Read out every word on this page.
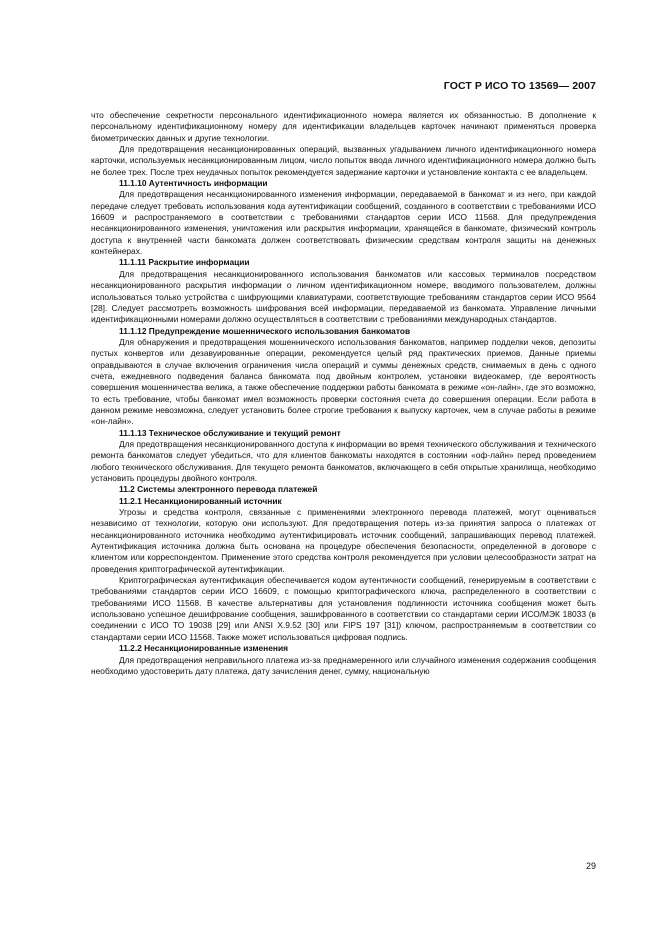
ГОСТ Р ИСО ТО 13569— 2007

что обеспечение секретности персонального идентификационного номера является их обязанностью. В дополнение к персональному идентификационному номеру для идентификации владельцев карточек начинают применяться проверка биометрических данных и другие технологии.

Для предотвращения несанкционированных операций, вызванных угадыванием личного идентификационного номера карточки, используемых несанкционированным лицом, число попыток ввода личного идентификационного номера должно быть не более трех. После трех неудачных попыток рекомендуется задержание карточки и установление контакта с ее владельцем.

11.1.10 Аутентичность информации

Для предотвращения несанкционированного изменения информации, передаваемой в банкомат и из него, при каждой передаче следует требовать использования кода аутентификации сообщений, созданного в соответствии с требованиями ИСО 16609 и распространяемого в соответствии с требованиями стандартов серии ИСО 11568. Для предупреждения несанкционированного изменения, уничтожения или раскрытия информации, хранящейся в банкомате, физический контроль доступа к внутренней части банкомата должен соответствовать физическим средствам контроля защиты на денежных контейнерах.

11.1.11 Раскрытие информации

Для предотвращения несанкционированного использования банкоматов или кассовых терминалов посредством несанкционированного раскрытия информации о личном идентификационном номере, вводимого пользователем, должны использоваться только устройства с шифрующими клавиатурами, соответствующие требованиям стандартов серии ИСО 9564 [28]. Следует рассмотреть возможность шифрования всей информации, передаваемой из банкомата. Управление личными идентификационными номерами должно осуществляться в соответствии с требованиями международных стандартов.

11.1.12 Предупреждение мошеннического использования банкоматов

Для обнаружения и предотвращения мошеннического использования банкоматов, например подделки чеков, депозиты пустых конвертов или дезавуированные операции, рекомендуется целый ряд практических приемов. Данные приемы оправдываются в случае включения ограничения числа операций и суммы денежных средств, снимаемых в день с одного счета, ежедневного подведения баланса банкомата под двойным контролем, установки видеокамер, где вероятность совершения мошенничества велика, а также обеспечение поддержки работы банкомата в режиме «он-лайн», где это возможно, то есть требование, чтобы банкомат имел возможность проверки состояния счета до совершения операции. Если работа в данном режиме невозможна, следует установить более строгие требования к выпуску карточек, чем в случае работы в режиме «он-лайн».

11.1.13 Техническое обслуживание и текущий ремонт

Для предотвращения несанкционированного доступа к информации во время технического обслуживания и технического ремонта банкоматов следует убедиться, что для клиентов банкоматы находятся в состоянии «оф-лайн» перед проведением любого технического обслуживания. Для текущего ремонта банкоматов, включающего в себя открытые хранилища, необходимо установить процедуры двойного контроля.

11.2 Системы электронного перевода платежей

11.2.1 Несанкционированный источник

Угрозы и средства контроля, связанные с применениями электронного перевода платежей, могут оцениваться независимо от технологии, которую они используют. Для предотвращения потерь из-за принятия запроса о платежах от несанкционированного источника необходимо аутентифицировать источник сообщений, запрашивающих перевод платежей. Аутентификация источника должна быть основана на процедуре обеспечения безопасности, определенной в договоре с клиентом или корреспондентом. Применение этого средства контроля рекомендуется при условии целесообразности затрат на проведения криптографической аутентификации.

Криптографическая аутентификация обеспечивается кодом аутентичности сообщений, генерируемым в соответствии с требованиями стандартов серии ИСО 16609, с помощью криптографического ключа, распределенного в соответствии с требованиями ИСО 11568. В качестве альтернативы для установления подлинности источника сообщения может быть использовано успешное дешифрование сообщения, зашифрованного в соответствии со стандартами серии ИСО/МЭК 18033 (в соединении с ИСО ТО 19038 [29] или ANSI X.9.52 [30] или FIPS 197 [31]) ключом, распространяемым в соответствии со стандартами серии ИСО 11568. Также может использоваться цифровая подпись.

11.2.2 Несанкционированные изменения

Для предотвращения неправильного платежа из-за преднамеренного или случайного изменения содержания сообщения необходимо удостоверить дату платежа, дату зачисления денег, сумму, национальную

29
